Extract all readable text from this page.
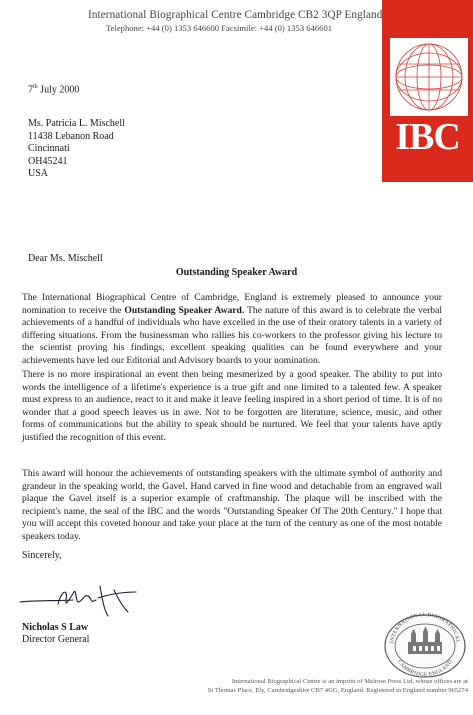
International Biographical Centre Cambridge CB2 3QP England
Telephone: +44 (0) 1353 646600 Facsimile: +44 (0) 1353 646601
IBC
7th July 2000
Ms. Patricia L. Mischell
11438 Lebanon Road
Cincinnati
OH45241
USA
Dear Ms. Mischell
Outstanding Speaker Award
The International Biographical Centre of Cambridge, England is extremely pleased to announce your nomination to receive the Outstanding Speaker Award. The nature of this award is to celebrate the verbal achievements of a handful of individuals who have excelled in the use of their oratory talents in a variety of differing situations. From the businessman who rallies his co-workers to the professor giving his lecture to the scientist proving his findings, excellent speaking qualities can be found everywhere and your achievements have led our Editorial and Advisory boards to your nomination.
There is no more inspirational an event then being mesmerized by a good speaker. The ability to put into words the intelligence of a lifetime's experience is a true gift and one limited to a talented few. A speaker must express to an audience, react to it and make it leave feeling inspired in a short period of time. It is of no wonder that a good speech leaves us in awe. Not to be forgotten are literature, science, music, and other forms of communications but the ability to speak should be nurtured. We feel that your talents have aptly justified the recognition of this event.
This award will honour the achievements of outstanding speakers with the ultimate symbol of authority and grandeur in the speaking world, the Gavel. Hand carved in fine wood and detachable from an engraved wall plaque the Gavel itself is a superior example of craftmanship. The plaque will be inscribed with the recipient's name, the seal of the IBC and the words "Outstanding Speaker Of The 20th Century." I hope that you will accept this coveted honour and take your place at the turn of the century as one of the most notable speakers today.
Sincerely,
Nicholas S Law
Director General	INTERNATIONAL BIOGRAPHICAL
CAMBRIDGE ENGLAND
International Biographical Centre is an imprint of Melrose Press Ltd, whose offices are at
St Thomas Place, Ely, Cambridgeshire CB7 4GG, England. Registered in England number 965274
